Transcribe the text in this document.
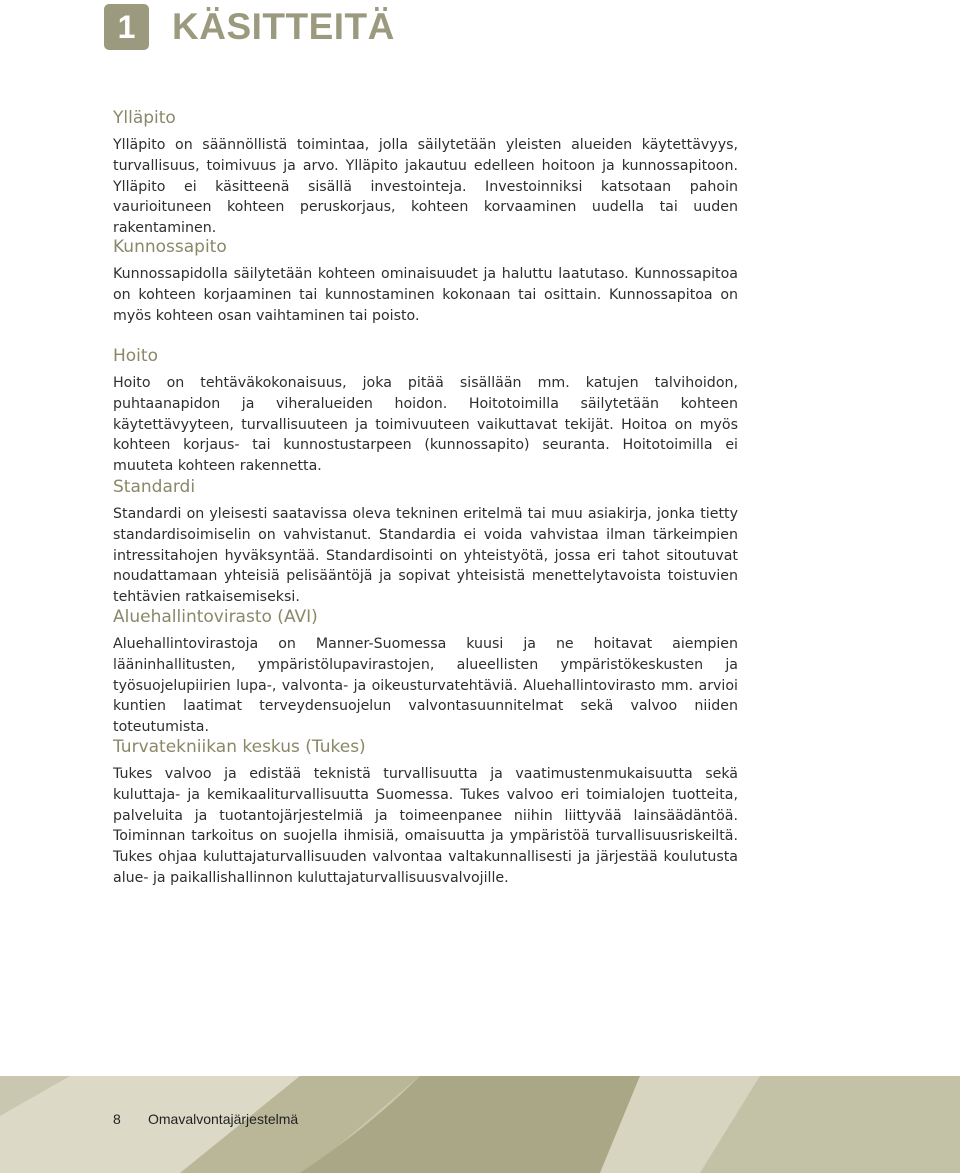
1 KÄSITTEITÄ
Ylläpito

Ylläpito on säännöllistä toimintaa, jolla säilytetään yleisten alueiden käytettävyys, turvallisuus, toimivuus ja arvo. Ylläpito jakautuu edelleen hoitoon ja kunnossapitoon. Ylläpito ei käsitteenä sisällä investointeja. Investoinniksi katsotaan pahoin vaurioituneen kohteen peruskorjaus, kohteen korvaaminen uudella tai uuden rakentaminen.

Kunnossapito

Kunnossapidolla säilytetään kohteen ominaisuudet ja haluttu laatutaso. Kunnossapitoa on kohteen korjaaminen tai kunnostaminen kokonaan tai osittain. Kunnossapitoa on myös kohteen osan vaihtaminen tai poisto.

Hoito

Hoito on tehtäväkokonaisuus, joka pitää sisällään mm. katujen talvihoidon, puhtaanapidon ja viheralueiden hoidon. Hoitotoimilla säilytetään kohteen käytettävyyteen, turvallisuuteen ja toimivuuteen vaikuttavat tekijät. Hoitoa on myös kohteen korjaus- tai kunnostustarpeen (kunnossapito) seuranta. Hoitotoimilla ei muuteta kohteen rakennetta.

Standardi

Standardi on yleisesti saatavissa oleva tekninen eritelmä tai muu asiakirja, jonka tietty standardisoimiselin on vahvistanut. Standardia ei voida vahvistaa ilman tärkeimpien intressitahojen hyväksyntää. Standardisointi on yhteistyötä, jossa eri tahot sitoutuvat noudattamaan yhteisiä pelisääntöjä ja sopivat yhteisistä menettelytavoista toistuvien tehtävien ratkaisemiseksi.

Aluehallintovirasto (AVI)

Aluehallintovirastoja on Manner-Suomessa kuusi ja ne hoitavat aiempien lääninhallitusten, ympäristölupavirastojen, alueellisten ympäristökeskusten ja työsuojelupiirien lupa-, valvonta- ja oikeusturvatehtäviä. Aluehallintovirasto mm. arvioi kuntien laatimat terveydensuojelun valvontasuunnitelmat sekä valvoo niiden toteutumista.

Turvatekniikan keskus (Tukes)

Tukes valvoo ja edistää teknistä turvallisuutta ja vaatimustenmukaisuutta sekä kuluttaja- ja kemikaaliturvallisuutta Suomessa. Tukes valvoo eri toimialojen tuotteita, palveluita ja tuotantojärjestelmiä ja toimeenpanee niihin liittyvää lainsäädäntöä. Toiminnan tarkoitus on suojella ihmisiä, omaisuutta ja ympäristöä turvallisuusriskeiltä. Tukes ohjaa kuluttajaturvallisuuden valvontaa valtakunnallisesti ja järjestää koulutusta alue- ja paikallishallinnon kuluttajaturvallisuusvalvojille.

8 Omavalvontajärjestelmä
